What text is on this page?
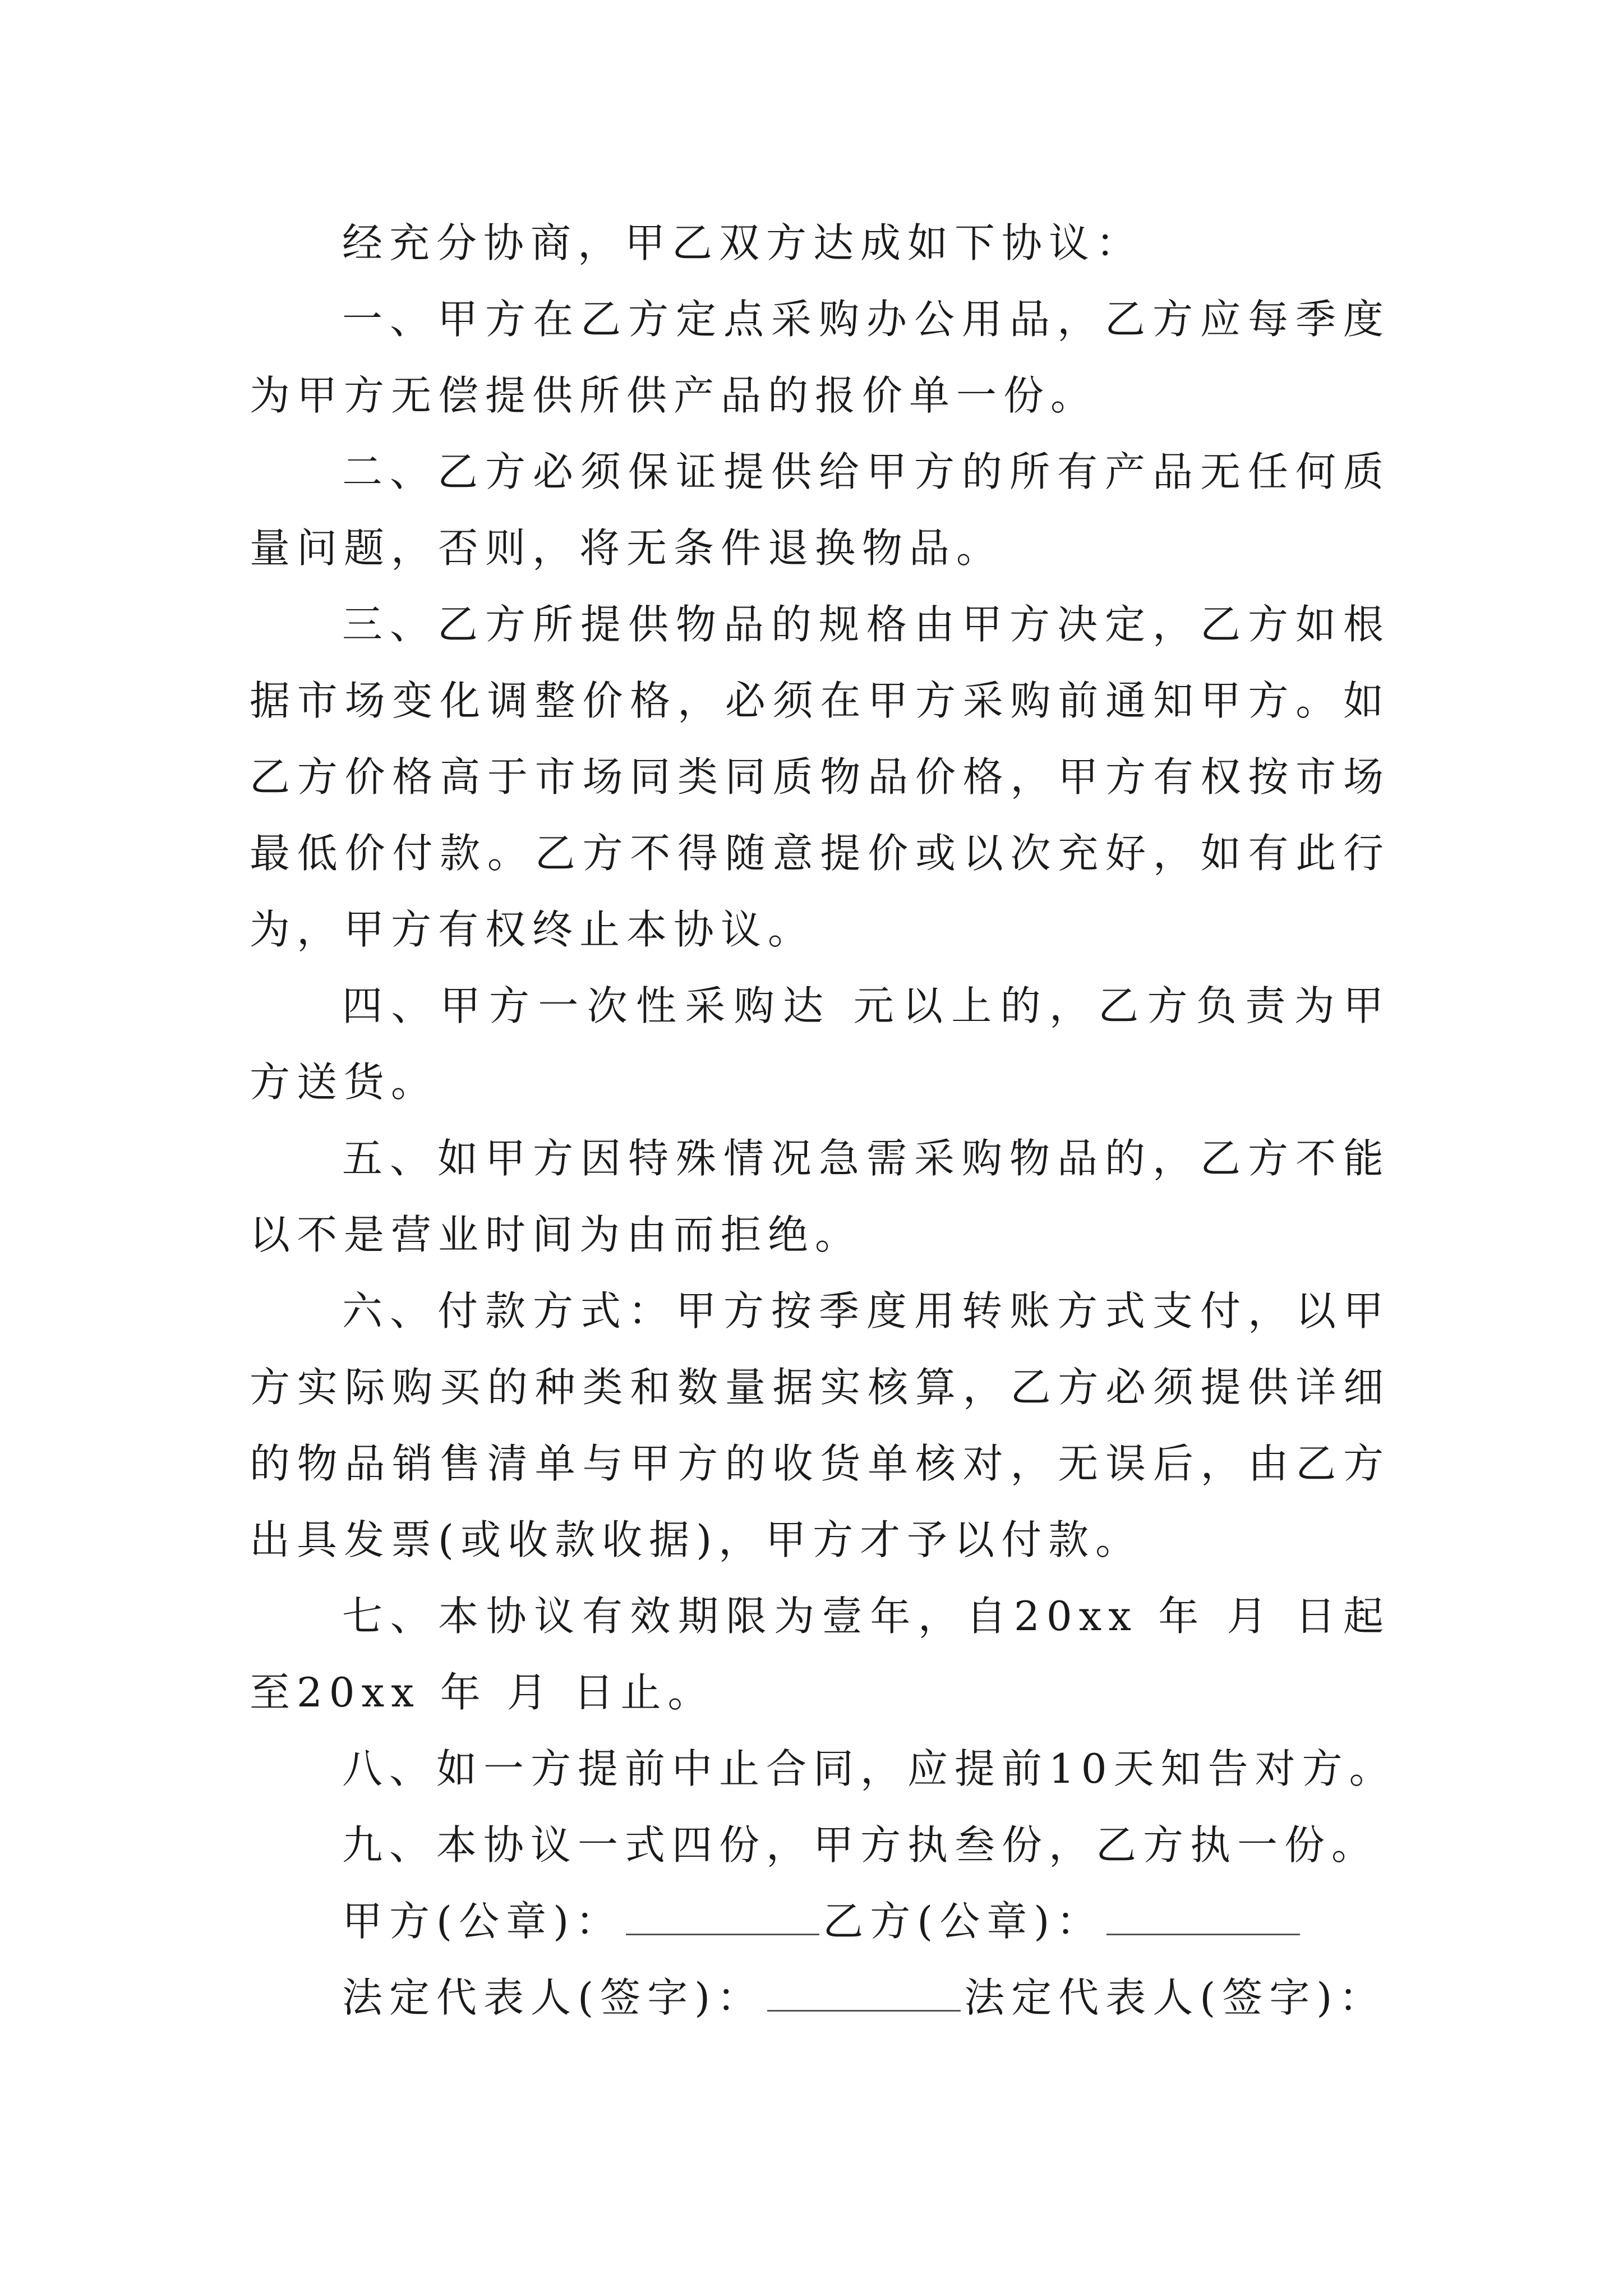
经充分协商，甲乙双方达成如下协议：

一、甲方在乙方定点采购办公用品，乙方应每季度为甲方无偿提供所供产品的报价单一份。

二、乙方必须保证提供给甲方的所有产品无任何质量问题，否则，将无条件退换物品。

三、乙方所提供物品的规格由甲方决定，乙方如根据市场变化调整价格，必须在甲方采购前通知甲方。如乙方价格高于市场同类同质物品价格，甲方有权按市场最低价付款。乙方不得随意提价或以次充好，如有此行为，甲方有权终止本协议。

四、甲方一次性采购达 元以上的，乙方负责为甲方送货。

五、如甲方因特殊情况急需采购物品的，乙方不能以不是营业时间为由而拒绝。

六、付款方式：甲方按季度用转账方式支付，以甲方实际购买的种类和数量据实核算，乙方必须提供详细的物品销售清单与甲方的收货单核对，无误后，由乙方出具发票(或收款收据)，甲方才予以付款。

七、本协议有效期限为壹年，自20xx 年 月 日起至20xx 年 月 日止。

八、如一方提前中止合同，应提前10天知告对方。

九、本协议一式四份，甲方执叁份，乙方执一份。

甲方(公章)：	乙方(公章)：

法定代表人(签字)：	法定代表人(签字)：
